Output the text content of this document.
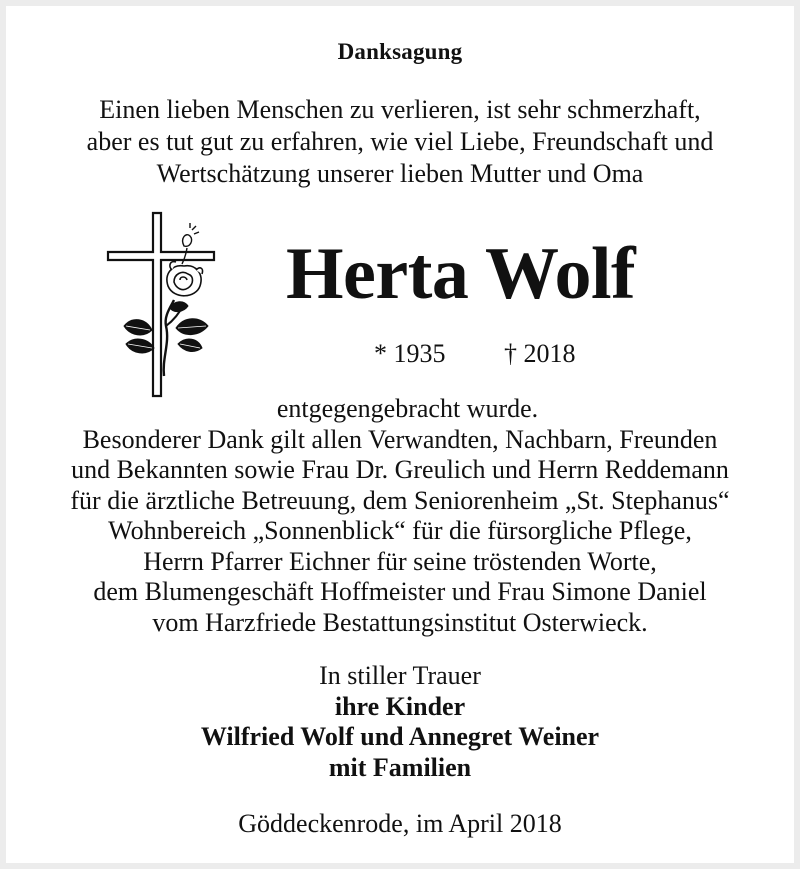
Danksagung
Einen lieben Menschen zu verlieren, ist sehr schmerzhaft,
aber es tut gut zu erfahren, wie viel Liebe, Freundschaft und
Wertschätzung unserer lieben Mutter und Oma
Herta Wolf
* 1935 † 2018
entgegengebracht wurde.
Besonderer Dank gilt allen Verwandten, Nachbarn, Freunden
und Bekannten sowie Frau Dr. Greulich und Herrn Reddemann
für die ärztliche Betreuung, dem Seniorenheim „St. Stephanus“
Wohnbereich „Sonnenblick“ für die fürsorgliche Pflege,
Herrn Pfarrer Eichner für seine tröstenden Worte,
dem Blumengeschäft Hoffmeister und Frau Simone Daniel
vom Harzfriede Bestattungsinstitut Osterwieck.
In stiller Trauer
ihre Kinder
Wilfried Wolf und Annegret Weiner
mit Familien
Göddeckenrode, im April 2018
